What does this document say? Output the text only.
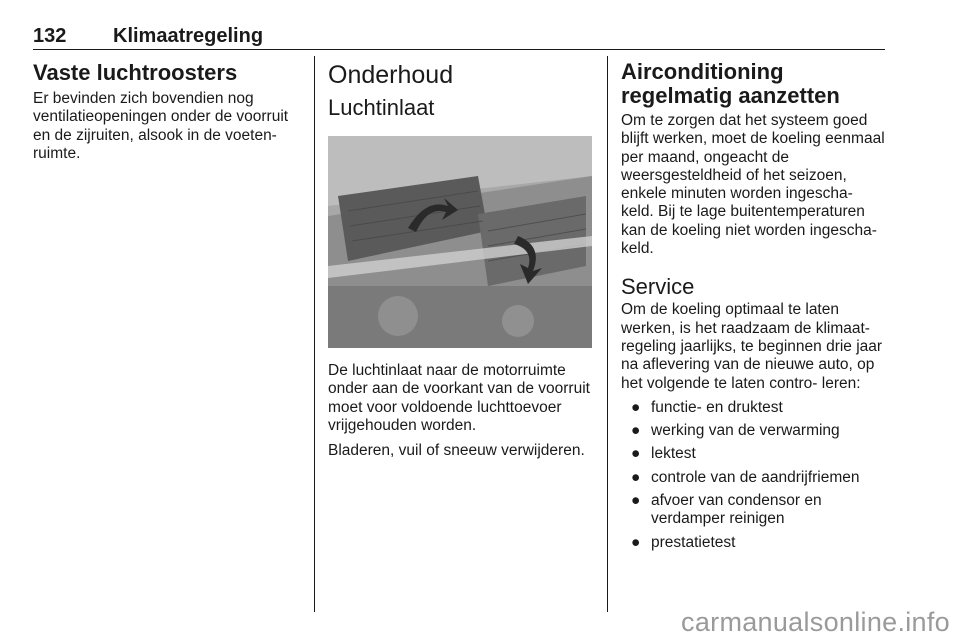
132 Klimaatregeling
Vaste luchtroosters

Er bevinden zich bovendien nog ventilatieopeningen onder de voorruit en de zijruiten, alsook in de voeten- ruimte.

Onderhoud
Luchtinlaat

De luchtinlaat naar de motorruimte onder aan de voorkant van de voorruit moet voor voldoende luchttoevoer vrijgehouden worden.

Bladeren, vuil of sneeuw verwijderen.

Airconditioning regelmatig aanzetten

Om te zorgen dat het systeem goed blijft werken, moet de koeling eenmaal per maand, ongeacht de weersgesteldheid of het seizoen, enkele minuten worden ingescha- keld. Bij te lage buitentemperaturen kan de koeling niet worden ingescha- keld.

Service

Om de koeling optimaal te laten werken, is het raadzaam de klimaat- regeling jaarlijks, te beginnen drie jaar na aflevering van de nieuwe auto, op het volgende te laten contro- leren:

● functie- en druktest
● werking van de verwarming
● lektest
● controle van de aandrijfriemen
● afvoer van condensor en verdamper reinigen
● prestatietest
carmanualsonline.info
